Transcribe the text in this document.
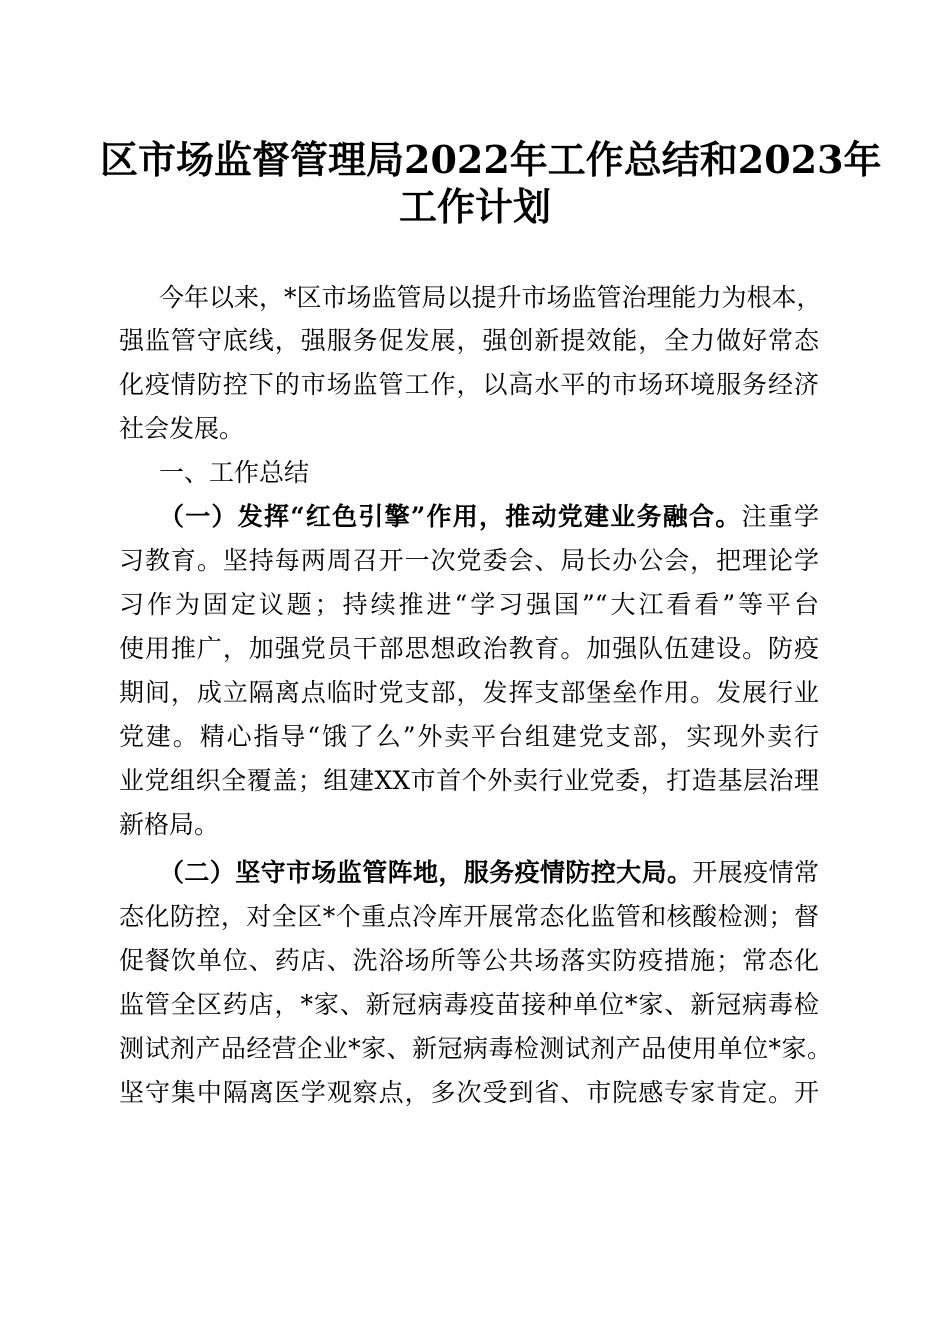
区市场监督管理局2022年工作总结和2023年
工作计划
今年以来，*区市场监管局以提升市场监管治理能力为根本，
强监管守底线，强服务促发展，强创新提效能，全力做好常态
化疫情防控下的市场监管工作，以高水平的市场环境服务经济
社会发展。
一、工作总结
（一）发挥“红色引擎”作用，推动党建业务融合。注重学
习教育。坚持每两周召开一次党委会、局长办公会，把理论学
习作为固定议题；持续推进“学习强国”“大江看看”等平台
使用推广，加强党员干部思想政治教育。加强队伍建设。防疫
期间，成立隔离点临时党支部，发挥支部堡垒作用。发展行业
党建。精心指导“饿了么”外卖平台组建党支部，实现外卖行
业党组织全覆盖；组建XX市首个外卖行业党委，打造基层治理
新格局。
（二）坚守市场监管阵地，服务疫情防控大局。开展疫情常
态化防控，对全区*个重点冷库开展常态化监管和核酸检测；督
促餐饮单位、药店、洗浴场所等公共场落实防疫措施；常态化
监管全区药店，*家、新冠病毒疫苗接种单位*家、新冠病毒检
测试剂产品经营企业*家、新冠病毒检测试剂产品使用单位*家。
坚守集中隔离医学观察点，多次受到省、市院感专家肯定。开
